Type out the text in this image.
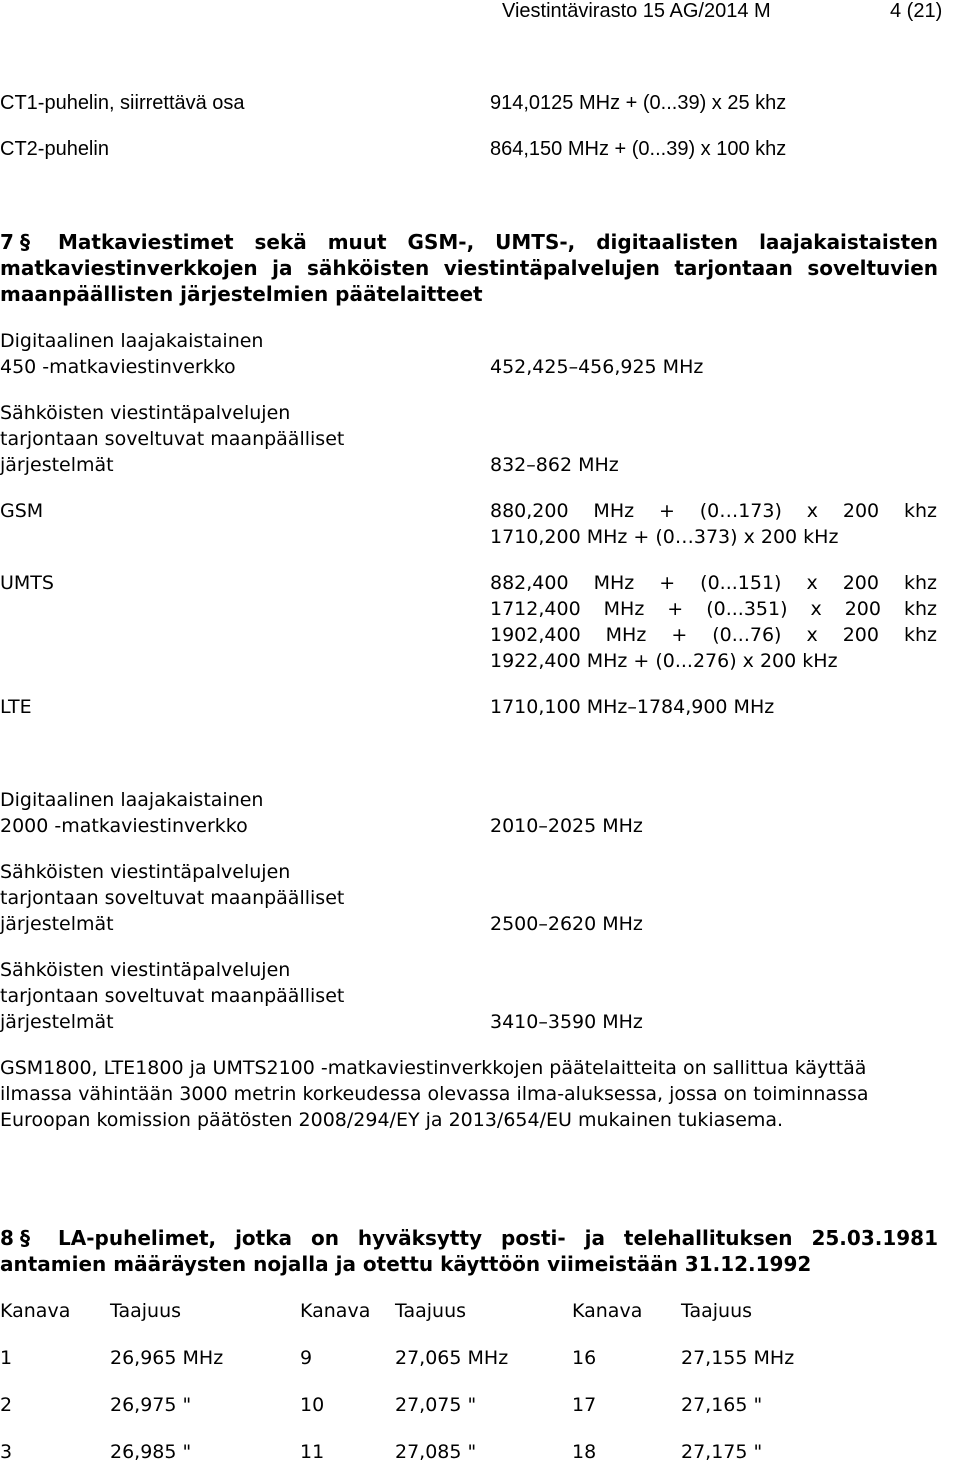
Viestintävirasto 15 AG/2014 M	4 (21)
CT1-puhelin, siirrettävä osa	914,0125 MHz + (0...39) x 25 khz
CT2-puhelin	864,150 MHz + (0...39) x 100 khz
7 § Matkaviestimet sekä muut GSM-, UMTS-, digitaalisten laajakaistaisten matkaviestinverkkojen ja sähköisten viestintäpalvelujen tarjontaan soveltuvien maanpäällisten järjestelmien päätelaitteet
Digitaalinen laajakaistainen
450 -matkaviestinverkko	452,425–456,925 MHz
Sähköisten viestintäpalvelujen
tarjontaan soveltuvat maanpäälliset
järjestelmät	832–862 MHz
GSM	880,200 MHz + (0…173) x 200 khz
1710,200 MHz + (0…373) x 200 kHz
UMTS	882,400 MHz + (0...151) x 200 khz
1712,400 MHz + (0...351) x 200 khz
1902,400 MHz + (0...76) x 200 khz
1922,400 MHz + (0...276) x 200 kHz
LTE	1710,100 MHz–1784,900 MHz
Digitaalinen laajakaistainen
2000 -matkaviestinverkko	2010–2025 MHz
Sähköisten viestintäpalvelujen
tarjontaan soveltuvat maanpäälliset
järjestelmät	2500–2620 MHz
Sähköisten viestintäpalvelujen
tarjontaan soveltuvat maanpäälliset
järjestelmät	3410–3590 MHz
GSM1800, LTE1800 ja UMTS2100 -matkaviestinverkkojen päätelaitteita on sallittua käyttää ilmassa vähintään 3000 metrin korkeudessa olevassa ilma-aluksessa, jossa on toiminnassa Euroopan komission päätösten 2008/294/EY ja 2013/654/EU mukainen tukiasema.
8 § LA-puhelimet, jotka on hyväksytty posti- ja telehallituksen 25.03.1981 antamien määräysten nojalla ja otettu käyttöön viimeistään 31.12.1992
Kanava Taajuus	Kanava Taajuus	Kanava Taajuus
1	26,965 MHz	9	27,065 MHz	16	27,155 MHz
2	26,975 "	10	27,075 "	17	27,165 "
3	26,985 "	11	27,085 "	18	27,175 "
